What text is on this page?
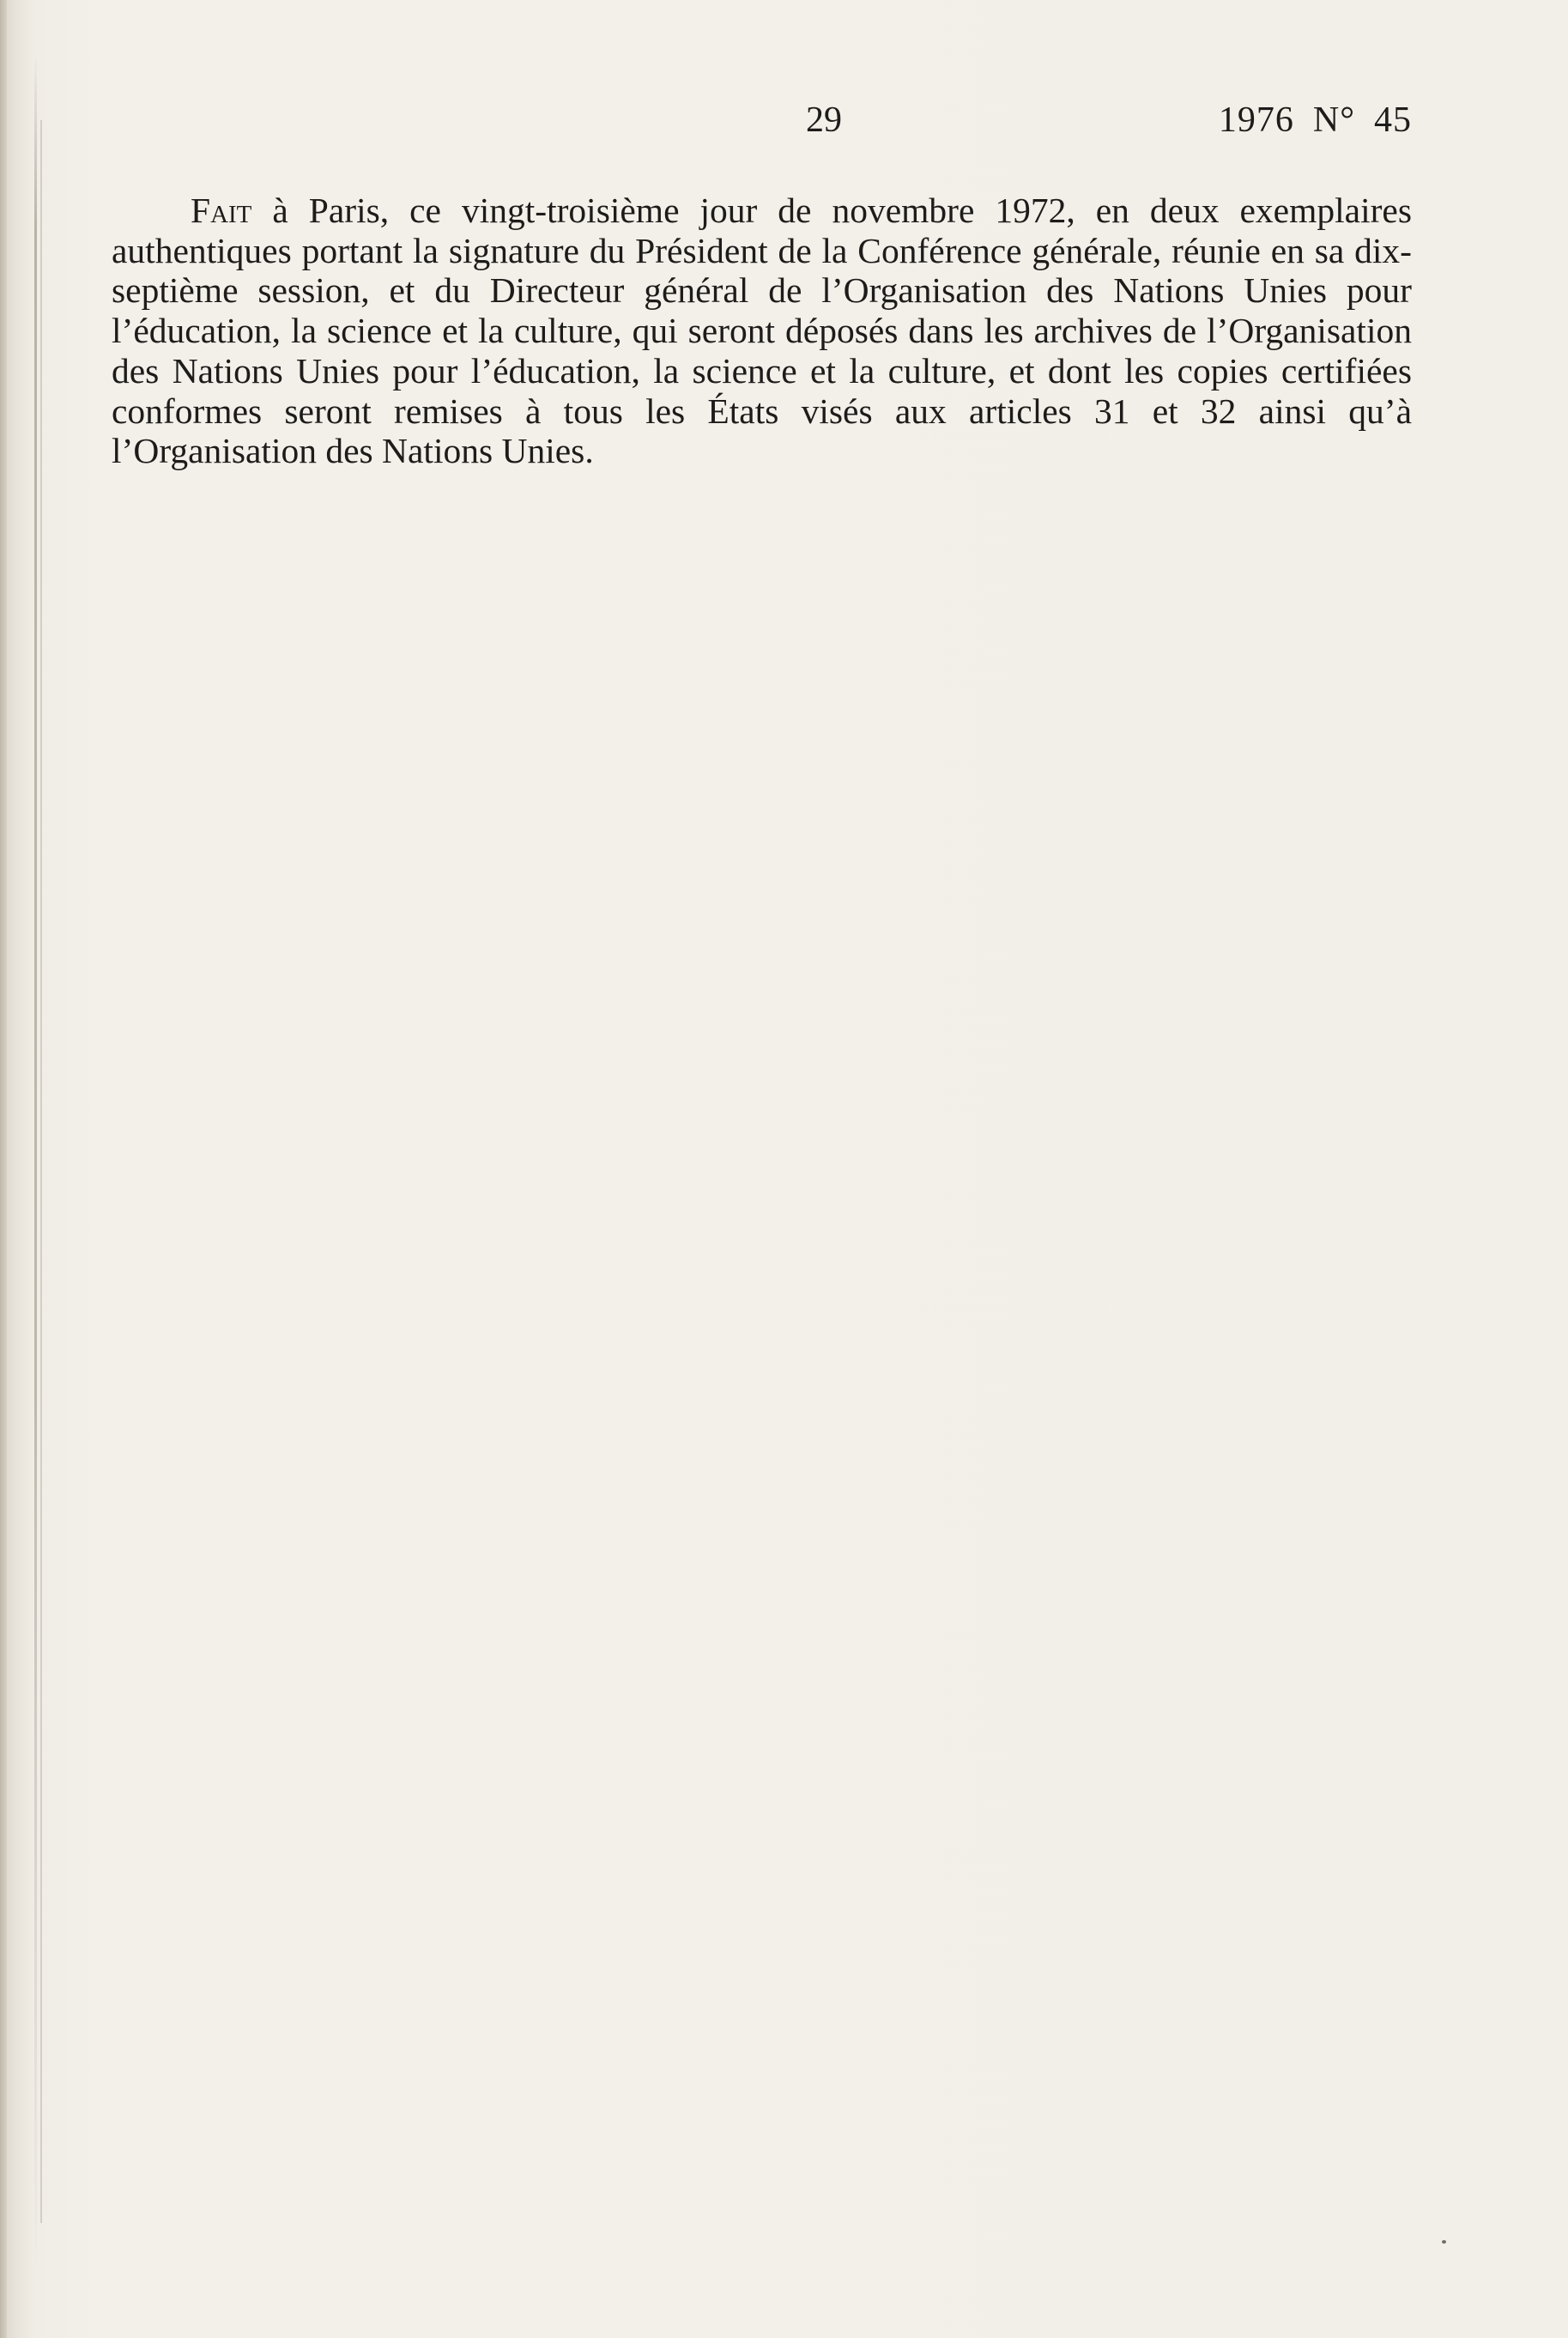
29	1976 N° 45

Fait à Paris, ce vingt-troisième jour de novembre 1972, en deux exemplaires authentiques portant la signature du Président de la Conférence générale, réunie en sa dix-septième session, et du Directeur général de l’Organisation des Nations Unies pour l’éducation, la science et la culture, qui seront déposés dans les archives de l’Organisation des Nations Unies pour l’éducation, la science et la culture, et dont les copies certifiées conformes seront remises à tous les États visés aux articles 31 et 32 ainsi qu’à l’Organisation des Nations Unies.
